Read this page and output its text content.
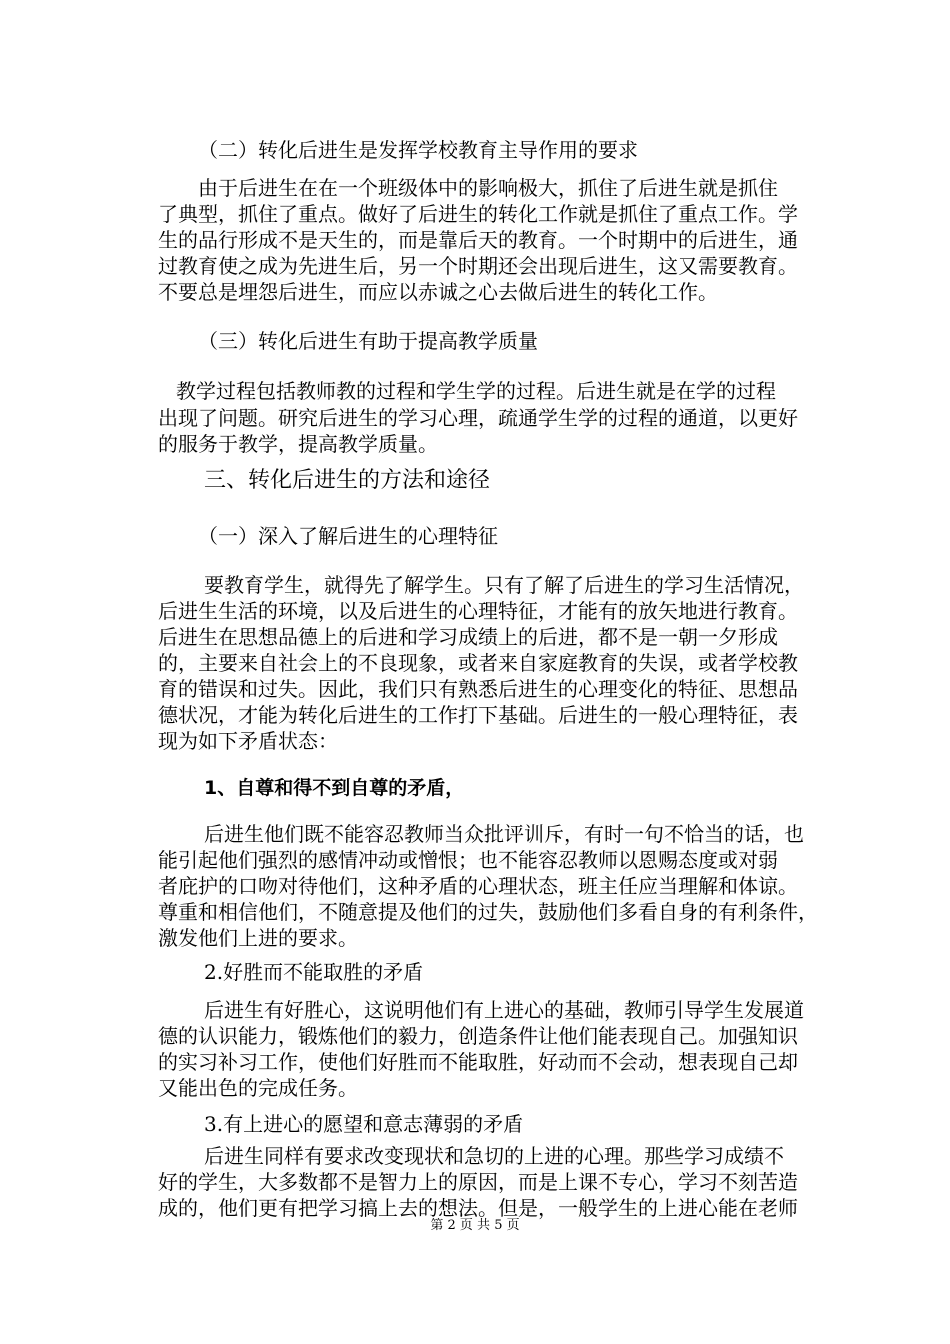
（二）转化后进生是发挥学校教育主导作用的要求
由于后进生在在一个班级体中的影响极大，抓住了后进生就是抓住
了典型，抓住了重点。做好了后进生的转化工作就是抓住了重点工作。学
生的品行形成不是天生的，而是靠后天的教育。一个时期中的后进生，通
过教育使之成为先进生后，另一个时期还会出现后进生，这又需要教育。
不要总是埋怨后进生，而应以赤诚之心去做后进生的转化工作。
（三）转化后进生有助于提高教学质量
教学过程包括教师教的过程和学生学的过程。后进生就是在学的过程
出现了问题。研究后进生的学习心理，疏通学生学的过程的通道，以更好
的服务于教学，提高教学质量。
三、转化后进生的方法和途径
（一）深入了解后进生的心理特征
要教育学生，就得先了解学生。只有了解了后进生的学习生活情况，
后进生生活的环境，以及后进生的心理特征，才能有的放矢地进行教育。
后进生在思想品德上的后进和学习成绩上的后进，都不是一朝一夕形成
的，主要来自社会上的不良现象，或者来自家庭教育的失误，或者学校教
育的错误和过失。因此，我们只有熟悉后进生的心理变化的特征、思想品
德状况，才能为转化后进生的工作打下基础。后进生的一般心理特征，表
现为如下矛盾状态：
1、自尊和得不到自尊的矛盾，
后进生他们既不能容忍教师当众批评训斥，有时一句不恰当的话，也
能引起他们强烈的感情冲动或憎恨；也不能容忍教师以恩赐态度或对弱
者庇护的口吻对待他们，这种矛盾的心理状态，班主任应当理解和体谅。
尊重和相信他们，不随意提及他们的过失，鼓励他们多看自身的有利条件，
激发他们上进的要求。
2.好胜而不能取胜的矛盾
后进生有好胜心，这说明他们有上进心的基础，教师引导学生发展道
德的认识能力，锻炼他们的毅力，创造条件让他们能表现自己。加强知识
的实习补习工作，使他们好胜而不能取胜，好动而不会动，想表现自己却
又能出色的完成任务。
3.有上进心的愿望和意志薄弱的矛盾
后进生同样有要求改变现状和急切的上进的心理。那些学习成绩不
好的学生，大多数都不是智力上的原因，而是上课不专心，学习不刻苦造
成的，他们更有把学习搞上去的想法。但是，一般学生的上进心能在老师
第 2 页 共 5 页
